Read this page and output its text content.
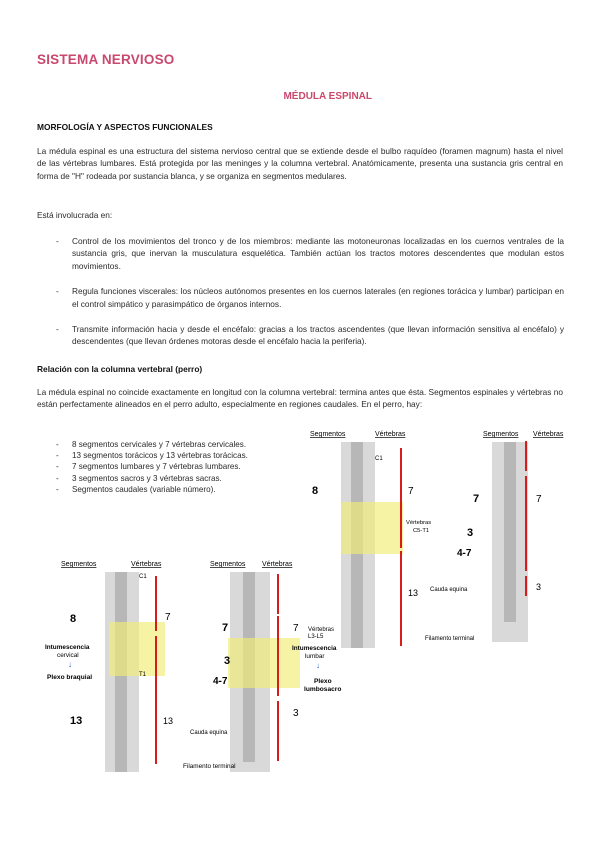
SISTEMA NERVIOSO
MÉDULA ESPINAL
MORFOLOGÍA Y ASPECTOS FUNCIONALES

La médula espinal es una estructura del sistema nervioso central que se extiende desde el bulbo raquídeo (foramen magnum) hasta el nivel de las vértebras lumbares. Está protegida por las meninges y la columna vertebral. Anatómicamente, presenta una sustancia gris central en forma de "H" rodeada por sustancia blanca, y se organiza en segmentos medulares.

Está involucrada en:

- Control de los movimientos del tronco y de los miembros: mediante las motoneuronas localizadas en los cuernos ventrales de la sustancia gris, que inervan la musculatura esquelética. También actúan los tractos motores descendentes que modulan estos movimientos.
- Regula funciones viscerales: los núcleos autónomos presentes en los cuernos laterales (en regiones torácica y lumbar) participan en el control simpático y parasimpático de órganos internos.
- Transmite información hacia y desde el encéfalo: gracias a los tractos ascendentes (que llevan información sensitiva al encéfalo) y descendentes (que llevan órdenes motoras desde el encéfalo hacia la periferia).
Relación con la columna vertebral (perro)

La médula espinal no coincide exactamente en longitud con la columna vertebral: termina antes que ésta. Segmentos espinales y vértebras no están perfectamente alineados en el perro adulto, especialmente en regiones caudales. En el perro, hay:

- 8 segmentos cervicales y 7 vértebras cervicales.
- 13 segmentos torácicos y 13 vértebras torácicas.
- 7 segmentos lumbares y 7 vértebras lumbares.
- 3 segmentos sacros y 3 vértebras sacras.
- Segmentos caudales (variable número).
Segmentos	Vértebras
C1
T1
8	7
13	13
Intumescencia
cervical
↓
Plexo braquial
Segmentos Vértebras
7
3
4-7
7
3
Vértebras
L3-L5
Intumescencia
lumbar
↓
Plexo
lumbosacro
Cauda equina
Filamento terminal
Segmentos	Vértebras
C1
8	7
Vértebras
C5-T1
13
Segmentos Vértebras
7
3
4-7
7
3
Cauda equina
Filamento terminal
